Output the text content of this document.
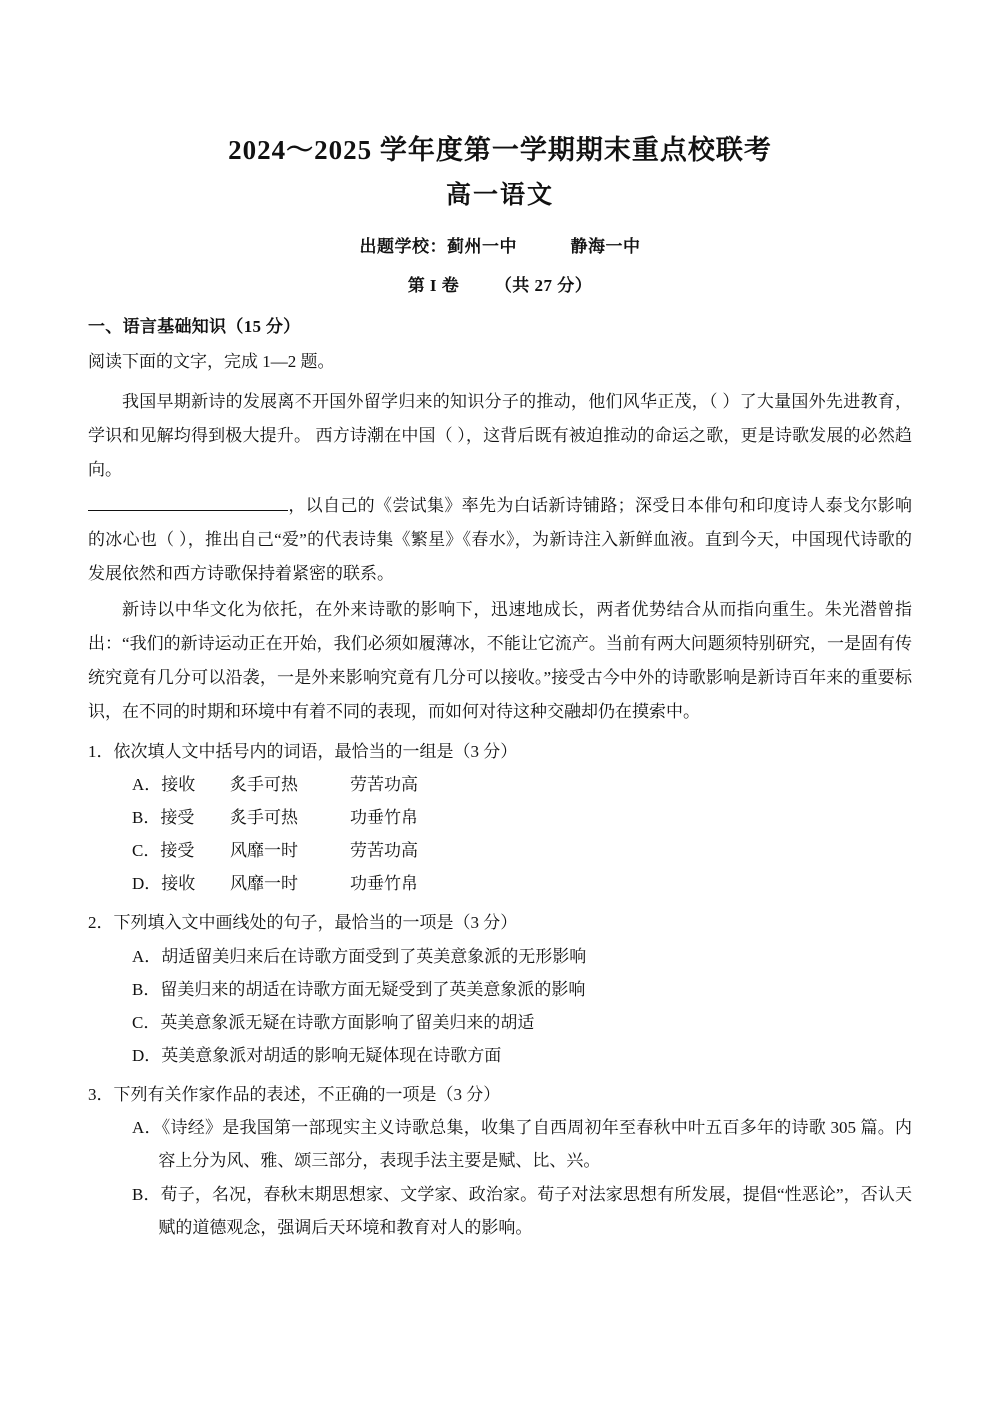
2024～2025 学年度第一学期期末重点校联考
高一语文
出题学校：蓟州一中	静海一中
第 I 卷 （共 27 分）
一、语言基础知识（15 分）
阅读下面的文字，完成 1—2 题。

我国早期新诗的发展离不开国外留学归来的知识分子的推动，他们风华正茂，（ ）了大量国外先进教育，学识和见解均得到极大提升。 西方诗潮在中国（ ），这背后既有被迫推动的命运之歌，更是诗歌发展的必然趋向。

，以自己的《尝试集》率先为白话新诗铺路；深受日本俳句和印度诗人泰戈尔影响的冰心也（ ），推出自己“爱”的代表诗集《繁星》《春水》，为新诗注入新鲜血液。直到今天，中国现代诗歌的发展依然和西方诗歌保持着紧密的联系。

新诗以中华文化为依托，在外来诗歌的影响下，迅速地成长，两者优势结合从而指向重生。朱光潜曾指出：“我们的新诗运动正在开始，我们必须如履薄冰，不能让它流产。当前有两大问题须特别研究，一是固有传统究竟有几分可以沿袭，一是外来影响究竟有几分可以接收。”接受古今中外的诗歌影响是新诗百年来的重要标识，在不同的时期和环境中有着不同的表现，而如何对待这种交融却仍在摸索中。

1．依次填人文中括号内的词语，最恰当的一组是（3 分）
A．接收 炙手可热	劳苦功高
B．接受 炙手可热	功垂竹帛
C．接受 风靡一时	劳苦功高
D．接收 风靡一时	功垂竹帛
2．下列填入文中画线处的句子，最恰当的一项是（3 分）
A．胡适留美归来后在诗歌方面受到了英美意象派的无形影响
B．留美归来的胡适在诗歌方面无疑受到了英美意象派的影响
C．英美意象派无疑在诗歌方面影响了留美归来的胡适
D．英美意象派对胡适的影响无疑体现在诗歌方面
3．下列有关作家作品的表述，不正确的一项是（3 分）
A．《诗经》是我国第一部现实主义诗歌总集，收集了自西周初年至春秋中叶五百多年的诗歌 305 篇。内容上分为风、雅、颂三部分，表现手法主要是赋、比、兴。
B．荀子，名况，春秋末期思想家、文学家、政治家。荀子对法家思想有所发展，提倡“性恶论”，否认天赋的道德观念，强调后天环境和教育对人的影响。
